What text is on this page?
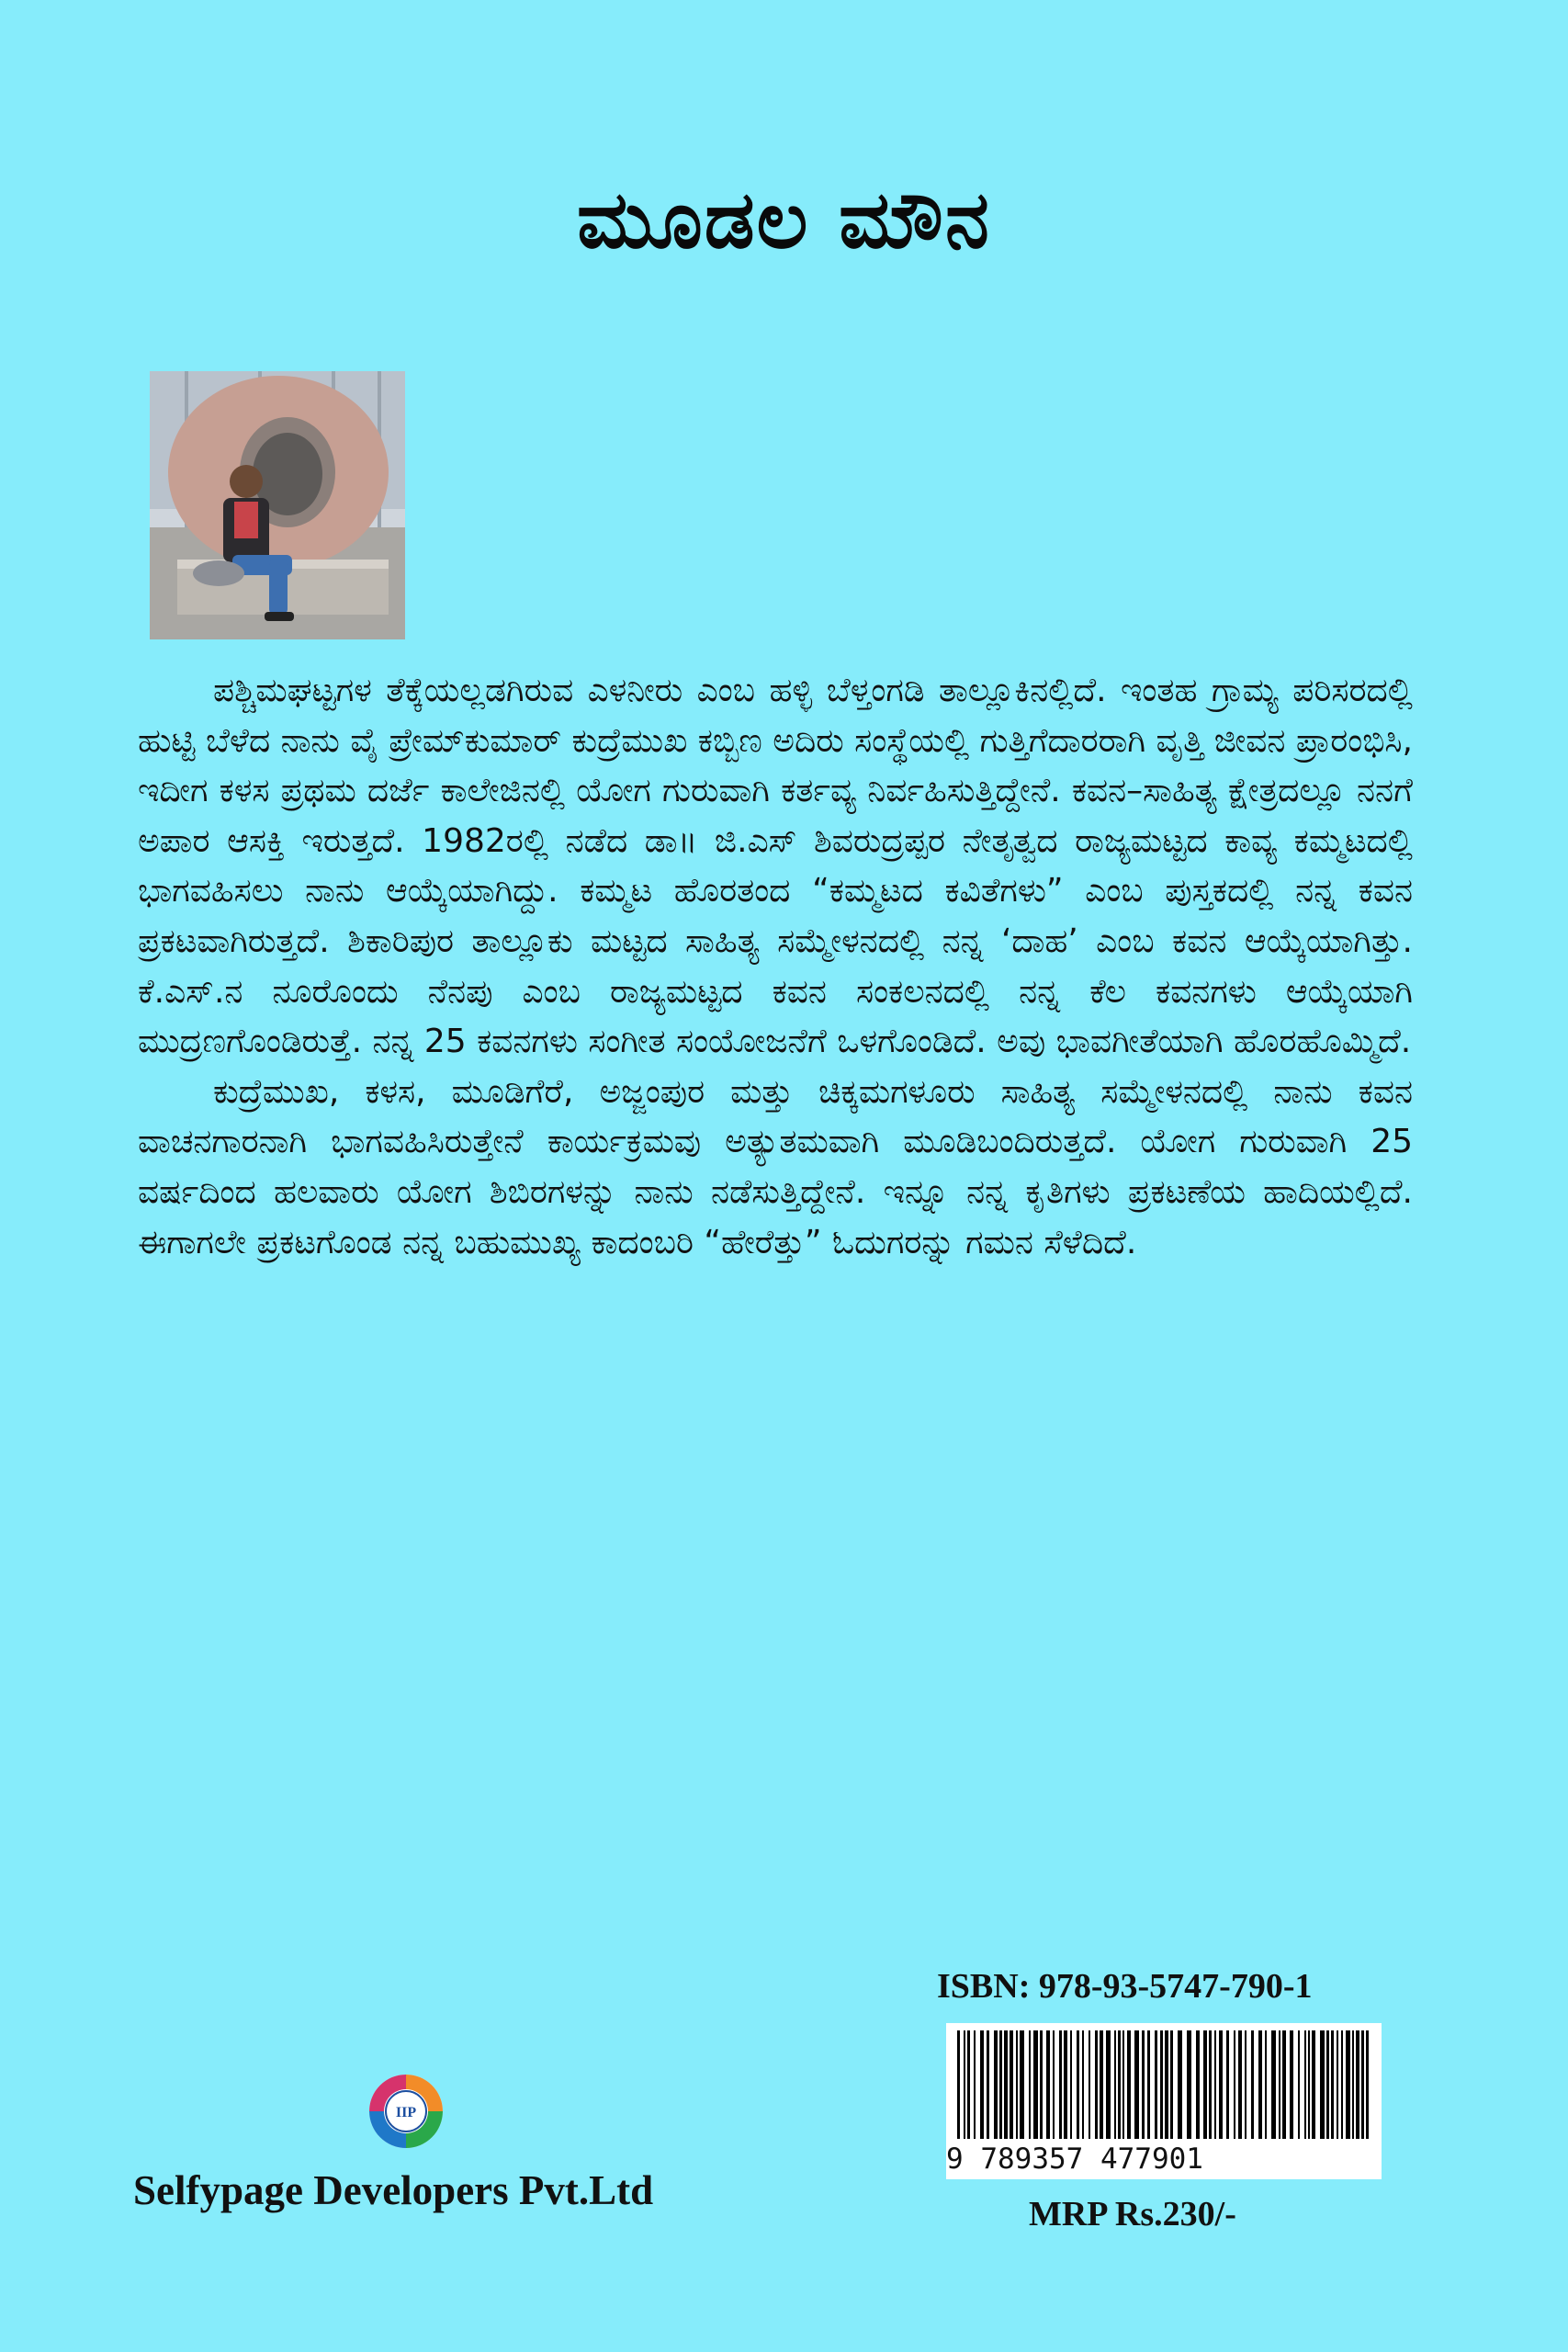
ಮೂಡಲ ಮೌನ

ಪಶ್ಚಿಮಘಟ್ಟಗಳ ತೆಕ್ಕೆಯಲ್ಲಡಗಿರುವ ಎಳನೀರು ಎಂಬ ಹಳ್ಳಿ ಬೆಳ್ತಂಗಡಿ ತಾಲ್ಲೂಕಿನಲ್ಲಿದೆ. ಇಂತಹ ಗ್ರಾಮ್ಯ ಪರಿಸರದಲ್ಲಿ ಹುಟ್ಟಿ ಬೆಳೆದ ನಾನು ವೈ ಪ್ರೇಮ್‌ಕುಮಾರ್ ಕುದ್ರೆಮುಖ ಕಬ್ಬಿಣ ಅದಿರು ಸಂಸ್ಥೆಯಲ್ಲಿ ಗುತ್ತಿಗೆದಾರರಾಗಿ ವೃತ್ತಿ ಜೀವನ ಪ್ರಾರಂಭಿಸಿ, ಇದೀಗ ಕಳಸ ಪ್ರಥಮ ದರ್ಜೆ ಕಾಲೇಜಿನಲ್ಲಿ ಯೋಗ ಗುರುವಾಗಿ ಕರ್ತವ್ಯ ನಿರ್ವಹಿಸುತ್ತಿದ್ದೇನೆ. ಕವನ–ಸಾಹಿತ್ಯ ಕ್ಷೇತ್ರದಲ್ಲೂ ನನಗೆ ಅಪಾರ ಆಸಕ್ತಿ ಇರುತ್ತದೆ. 1982ರಲ್ಲಿ ನಡೆದ ಡಾ॥ ಜಿ.ಎಸ್ ಶಿವರುದ್ರಪ್ಪರ ನೇತೃತ್ವದ ರಾಜ್ಯಮಟ್ಟದ ಕಾವ್ಯ ಕಮ್ಮಟದಲ್ಲಿ ಭಾಗವಹಿಸಲು ನಾನು ಆಯ್ಕೆಯಾಗಿದ್ದು. ಕಮ್ಮಟ ಹೊರತಂದ “ಕಮ್ಮಟದ ಕವಿತೆಗಳು” ಎಂಬ ಪುಸ್ತಕದಲ್ಲಿ ನನ್ನ ಕವನ ಪ್ರಕಟವಾಗಿರುತ್ತದೆ. ಶಿಕಾರಿಪುರ ತಾಲ್ಲೂಕು ಮಟ್ಟದ ಸಾಹಿತ್ಯ ಸಮ್ಮೇಳನದಲ್ಲಿ ನನ್ನ ‘ದಾಹ’ ಎಂಬ ಕವನ ಆಯ್ಕೆಯಾಗಿತ್ತು. ಕೆ.ಎಸ್.ನ ನೂರೊಂದು ನೆನಪು ಎಂಬ ರಾಜ್ಯಮಟ್ಟದ ಕವನ ಸಂಕಲನದಲ್ಲಿ ನನ್ನ ಕೆಲ ಕವನಗಳು ಆಯ್ಕೆಯಾಗಿ ಮುದ್ರಣಗೊಂಡಿರುತ್ತೆ. ನನ್ನ 25 ಕವನಗಳು ಸಂಗೀತ ಸಂಯೋಜನೆಗೆ ಒಳಗೊಂಡಿದೆ. ಅವು ಭಾವಗೀತೆಯಾಗಿ ಹೊರಹೊಮ್ಮಿದೆ.

ಕುದ್ರೆಮುಖ, ಕಳಸ, ಮೂಡಿಗೆರೆ, ಅಜ್ಜಂಪುರ ಮತ್ತು ಚಿಕ್ಕಮಗಳೂರು ಸಾಹಿತ್ಯ ಸಮ್ಮೇಳನದಲ್ಲಿ ನಾನು ಕವನ ವಾಚನಗಾರನಾಗಿ ಭಾಗವಹಿಸಿರುತ್ತೇನೆ ಕಾರ್ಯಕ್ರಮವು ಅತ್ಯುತಮವಾಗಿ ಮೂಡಿಬಂದಿರುತ್ತದೆ. ಯೋಗ ಗುರುವಾಗಿ 25 ವರ್ಷದಿಂದ ಹಲವಾರು ಯೋಗ ಶಿಬಿರಗಳನ್ನು ನಾನು ನಡೆಸುತ್ತಿದ್ದೇನೆ. ಇನ್ನೂ ನನ್ನ ಕೃತಿಗಳು ಪ್ರಕಟಣೆಯ ಹಾದಿಯಲ್ಲಿದೆ. ಈಗಾಗಲೇ ಪ್ರಕಟಗೊಂಡ ನನ್ನ ಬಹುಮುಖ್ಯ ಕಾದಂಬರಿ “ಹೇರೆತ್ತು” ಓದುಗರನ್ನು ಗಮನ ಸೆಳೆದಿದೆ.

ISBN: 978-93-5747-790-1
9 789357 477901
MRP Rs.230/-
IIP
Selfypage Developers Pvt.Ltd
